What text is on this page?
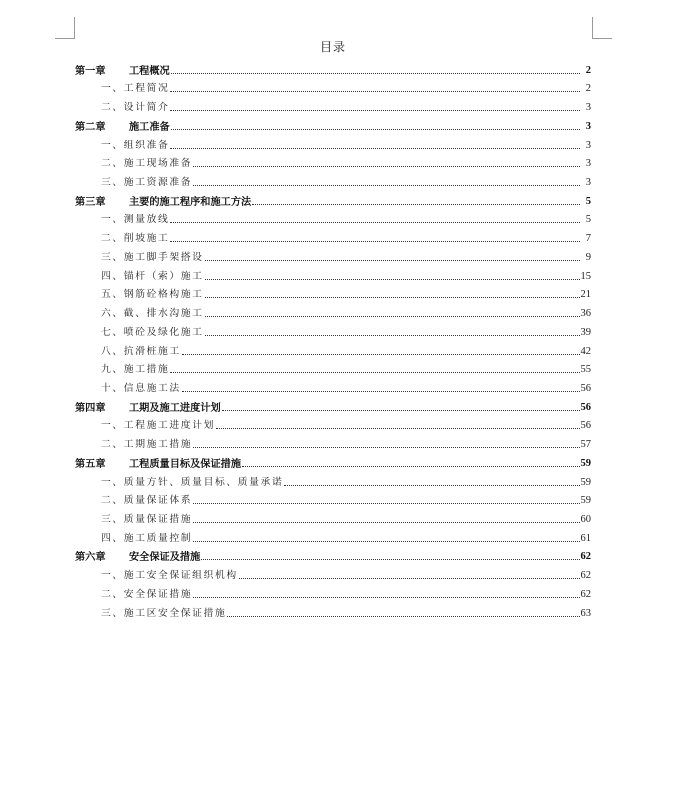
目录
第一章	工程概况	2
一、工程简况	2
二、设计简介	3
第二章	施工准备	3
一、组织准备	3
二、施工现场准备	3
三、施工资源准备	3
第三章	主要的施工程序和施工方法	5
一、测量放线	5
二、削坡施工	7
三、施工脚手架搭设	9
四、锚杆（索）施工	15
五、钢筋砼格构施工	21
六、截、排水沟施工	36
七、喷砼及绿化施工	39
八、抗滑桩施工	42
九、施工措施	55
十、信息施工法	56
第四章	工期及施工进度计划	56
一、工程施工进度计划	56
二、工期施工措施	57
第五章	工程质量目标及保证措施	59
一、质量方针、质量目标、质量承诺	59
二、质量保证体系	59
三、质量保证措施	60
四、施工质量控制	61
第六章	安全保证及措施	62
一、施工安全保证组织机构	62
二、安全保证措施	62
三、施工区安全保证措施	63
